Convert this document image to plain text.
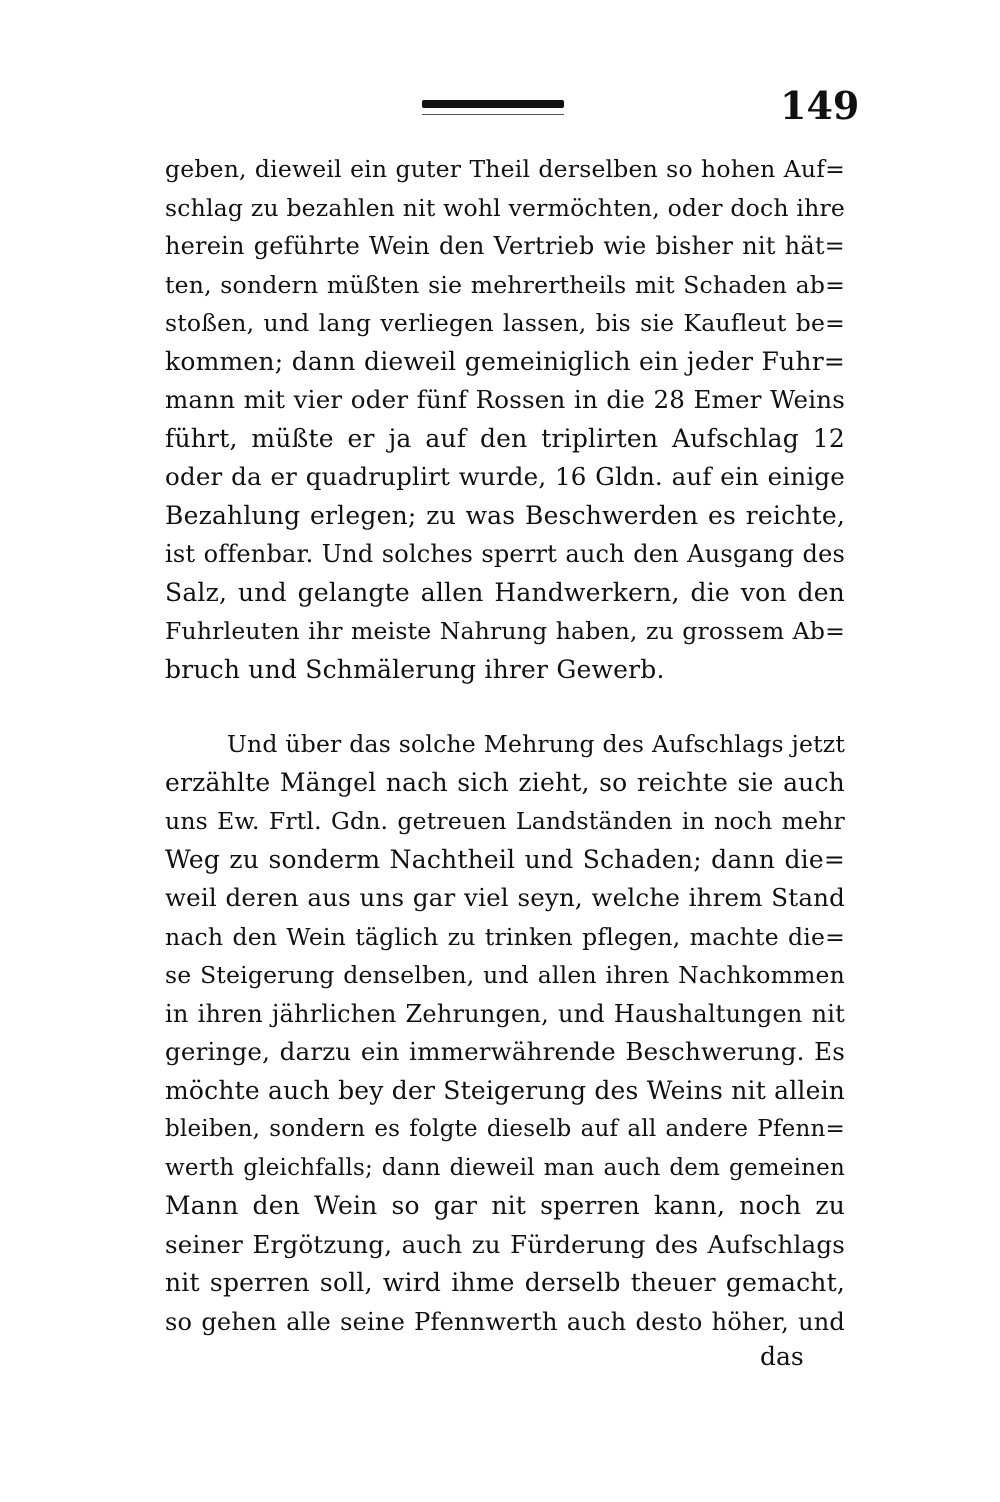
149
geben, dieweil ein guter Theil derselben so hohen Auf=
schlag zu bezahlen nit wohl vermöchten, oder doch ihre
herein geführte Wein den Vertrieb wie bisher nit hät=
ten, sondern müßten sie mehrertheils mit Schaden ab=
stoßen, und lang verliegen lassen, bis sie Kaufleut be=
kommen; dann dieweil gemeiniglich ein jeder Fuhr=
mann mit vier oder fünf Rossen in die 28 Emer Weins
führt, müßte er ja auf den triplirten Aufschlag 12
oder da er quadruplirt wurde, 16 Gldn. auf ein einige
Bezahlung erlegen; zu was Beschwerden es reichte,
ist offenbar. Und solches sperrt auch den Ausgang des
Salz, und gelangte allen Handwerkern, die von den
Fuhrleuten ihr meiste Nahrung haben, zu grossem Ab=
bruch und Schmälerung ihrer Gewerb.
Und über das solche Mehrung des Aufschlags jetzt
erzählte Mängel nach sich zieht, so reichte sie auch
uns Ew. Frtl. Gdn. getreuen Landständen in noch mehr
Weg zu sonderm Nachtheil und Schaden; dann die=
weil deren aus uns gar viel seyn, welche ihrem Stand
nach den Wein täglich zu trinken pflegen, machte die=
se Steigerung denselben, und allen ihren Nachkommen
in ihren jährlichen Zehrungen, und Haushaltungen nit
geringe, darzu ein immerwährende Beschwerung. Es
möchte auch bey der Steigerung des Weins nit allein
bleiben, sondern es folgte dieselb auf all andere Pfenn=
werth gleichfalls; dann dieweil man auch dem gemeinen
Mann den Wein so gar nit sperren kann, noch zu
seiner Ergötzung, auch zu Fürderung des Aufschlags
nit sperren soll, wird ihme derselb theuer gemacht,
so gehen alle seine Pfennwerth auch desto höher, und
das
